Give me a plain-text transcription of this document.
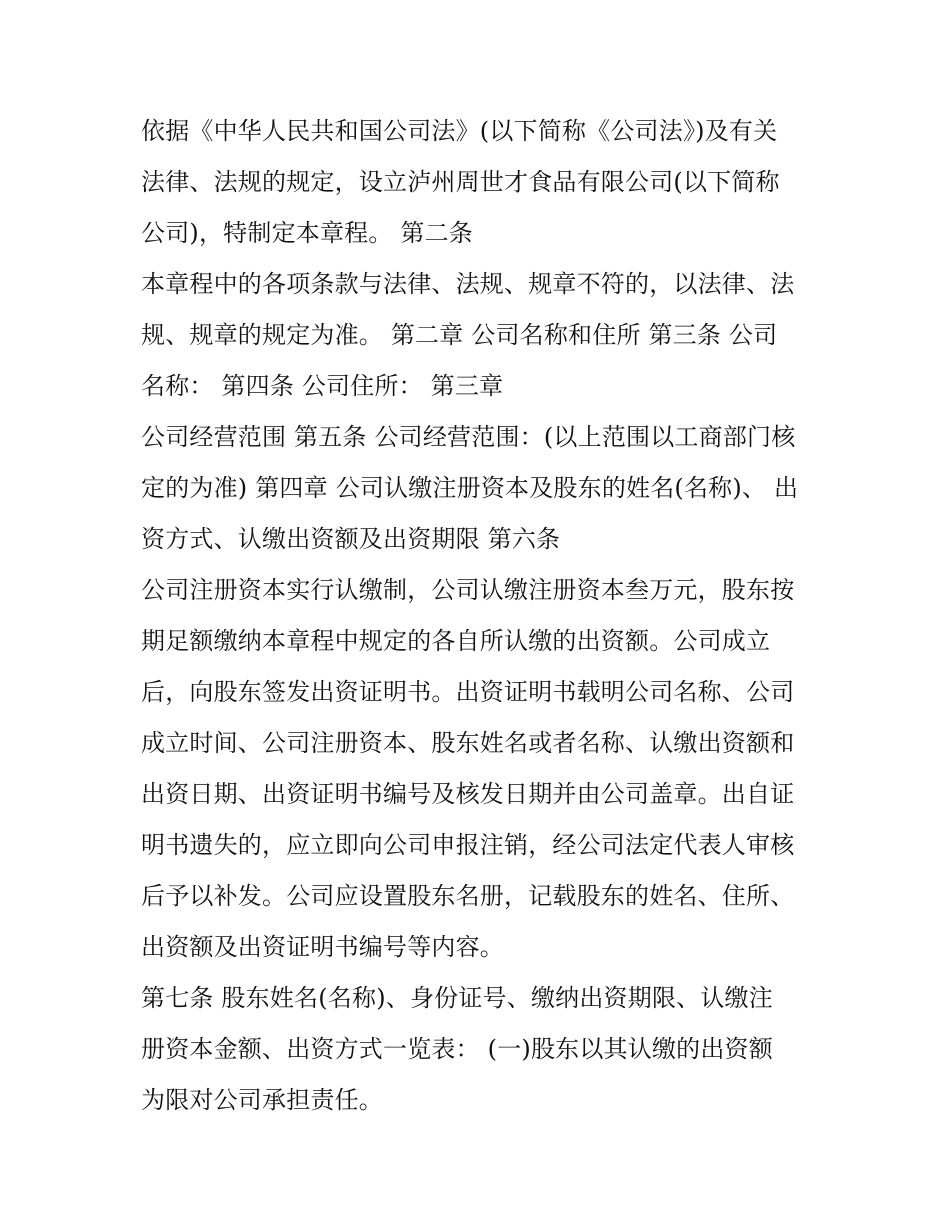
依据《中华人民共和国公司法》(以下简称《公司法》)及有关
法律、法规的规定，设立泸州周世才食品有限公司(以下简称
公司)，特制定本章程。 第二条
本章程中的各项条款与法律、法规、规章不符的，以法律、法
规、规章的规定为准。 第二章 公司名称和住所 第三条 公司
名称： 第四条 公司住所： 第三章
公司经营范围 第五条 公司经营范围：(以上范围以工商部门核
定的为准) 第四章 公司认缴注册资本及股东的姓名(名称)、 出
资方式、认缴出资额及出资期限 第六条
公司注册资本实行认缴制，公司认缴注册资本叁万元，股东按
期足额缴纳本章程中规定的各自所认缴的出资额。公司成立
后，向股东签发出资证明书。出资证明书载明公司名称、公司
成立时间、公司注册资本、股东姓名或者名称、认缴出资额和
出资日期、出资证明书编号及核发日期并由公司盖章。出自证
明书遗失的，应立即向公司申报注销，经公司法定代表人审核
后予以补发。公司应设置股东名册，记载股东的姓名、住所、
出资额及出资证明书编号等内容。
第七条 股东姓名(名称)、身份证号、缴纳出资期限、认缴注
册资本金额、出资方式一览表： (一)股东以其认缴的出资额
为限对公司承担责任。
